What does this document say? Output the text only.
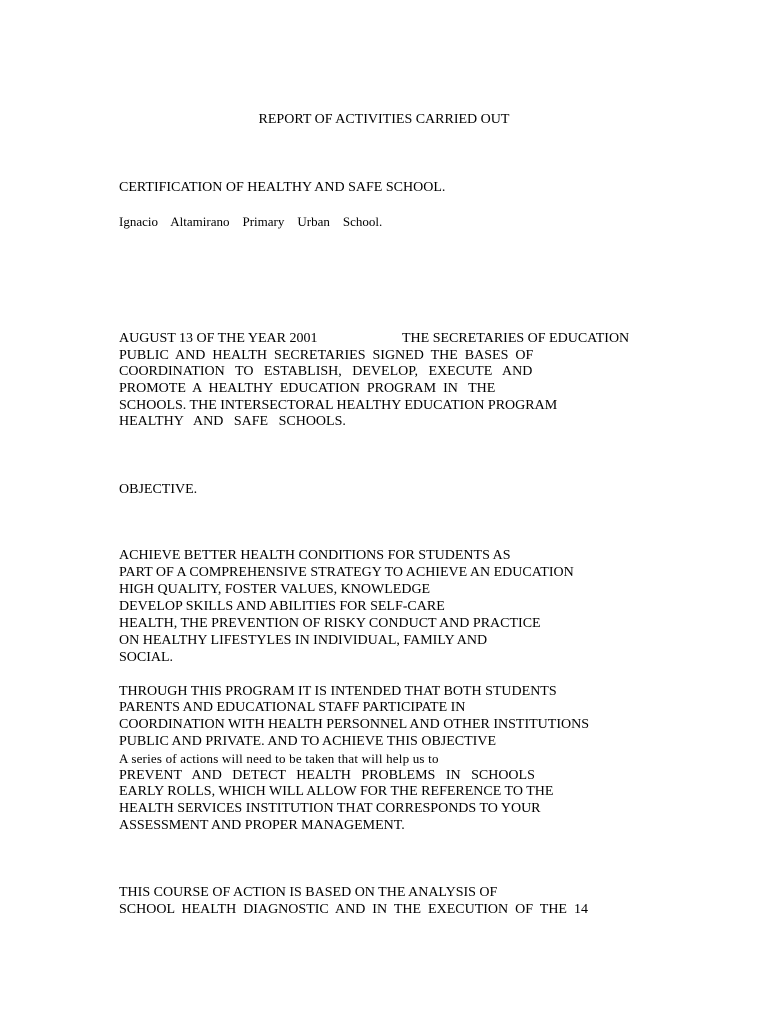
REPORT OF ACTIVITIES CARRIED OUT
CERTIFICATION OF HEALTHY AND SAFE SCHOOL.
Ignacio    Altamirano    Primary    Urban    School.
AUGUST 13 OF THE YEAR 2001	THE SECRETARIES OF EDUCATION
PUBLIC  AND  HEALTH  SECRETARIES  SIGNED  THE  BASES  OF
COORDINATION   TO   ESTABLISH,   DEVELOP,   EXECUTE   AND
PROMOTE  A  HEALTHY  EDUCATION  PROGRAM  IN   THE
SCHOOLS. THE INTERSECTORAL HEALTHY EDUCATION PROGRAM
HEALTHY   AND   SAFE   SCHOOLS.
OBJECTIVE.
ACHIEVE BETTER HEALTH CONDITIONS FOR STUDENTS AS
PART OF A COMPREHENSIVE STRATEGY TO ACHIEVE AN EDUCATION
HIGH QUALITY, FOSTER VALUES, KNOWLEDGE
DEVELOP SKILLS AND ABILITIES FOR SELF-CARE
HEALTH, THE PREVENTION OF RISKY CONDUCT AND PRACTICE
ON HEALTHY LIFESTYLES IN INDIVIDUAL, FAMILY AND
SOCIAL.
THROUGH THIS PROGRAM IT IS INTENDED THAT BOTH STUDENTS
PARENTS AND EDUCATIONAL STAFF PARTICIPATE IN
COORDINATION WITH HEALTH PERSONNEL AND OTHER INSTITUTIONS
PUBLIC AND PRIVATE. AND TO ACHIEVE THIS OBJECTIVE
A series of actions will need to be taken that will help us to
PREVENT   AND   DETECT   HEALTH   PROBLEMS   IN   SCHOOLS
EARLY ROLLS, WHICH WILL ALLOW FOR THE REFERENCE TO THE
HEALTH SERVICES INSTITUTION THAT CORRESPONDS TO YOUR
ASSESSMENT AND PROPER MANAGEMENT.
THIS COURSE OF ACTION IS BASED ON THE ANALYSIS OF
SCHOOL  HEALTH  DIAGNOSTIC  AND  IN  THE  EXECUTION  OF  THE  14
